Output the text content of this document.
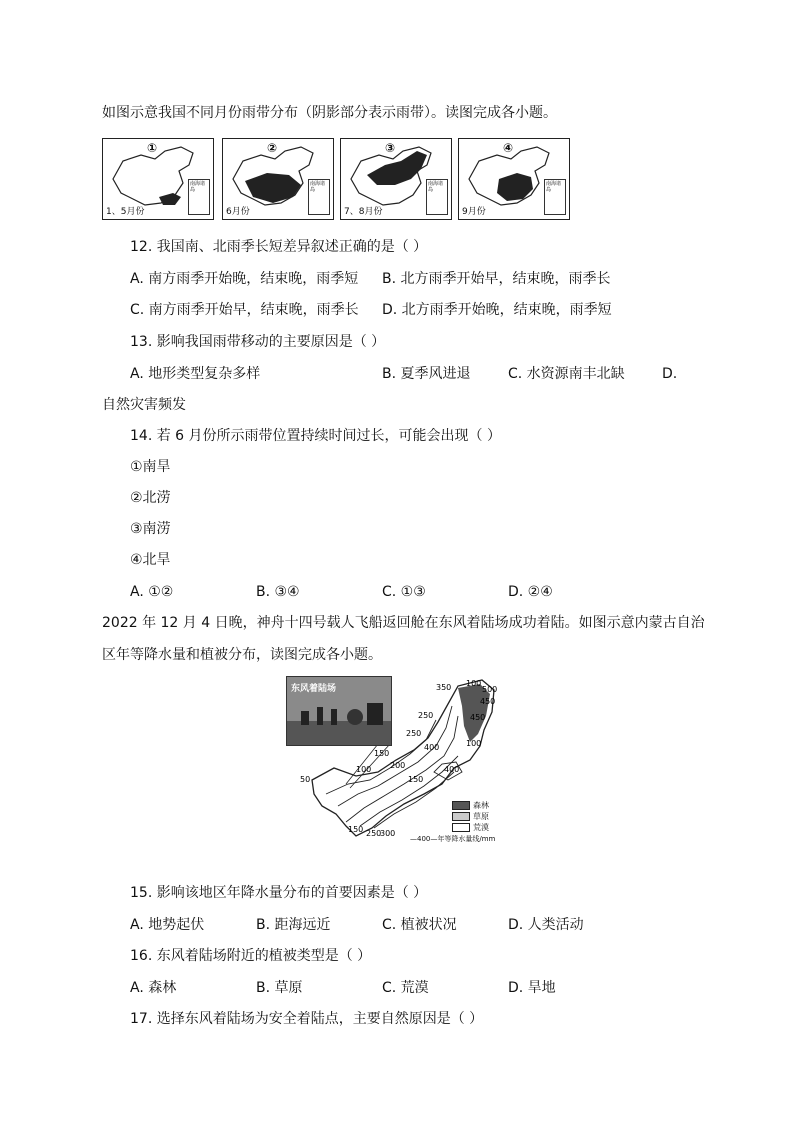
如图示意我国不同月份雨带分布（阴影部分表示雨带）。读图完成各小题。
①
南海诸岛
1、5月份
②
南海诸岛
6月份
③
南海诸岛
7、8月份
④
南海诸岛
9月份
12. 我国南、北雨季长短差异叙述正确的是（ ）
A. 南方雨季开始晚，结束晚，雨季短 B. 北方雨季开始早，结束晚，雨季长
C. 南方雨季开始早，结束晚，雨季长 D. 北方雨季开始晚，结束晚，雨季短
13. 影响我国雨带移动的主要原因是（ ）
A. 地形类型复杂多样	B. 夏季风进退	C. 水资源南丰北缺	D.
自然灾害频发
14. 若 6 月份所示雨带位置持续时间过长，可能会出现（ ）
①南旱
②北涝
③南涝
④北旱
A. ①②	B. ③④	C. ①③	D. ②④
2022 年 12 月 4 日晚，神舟十四号载人飞船返回舱在东风着陆场成功着陆。如图示意内蒙古自治
区年等降水量和植被分布，读图完成各小题。
350 100
250
450
500
250
400
400
150
200
100
150
50
100
150 250
300
450
东风着陆场
森林
草原
荒漠
—400—年等降水量线/mm
15. 影响该地区年降水量分布的首要因素是（ ）
A. 地势起伏	B. 距海远近	C. 植被状况	D. 人类活动
16. 东风着陆场附近的植被类型是（ ）
A. 森林	B. 草原	C. 荒漠	D. 旱地
17. 选择东风着陆场为安全着陆点，主要自然原因是（ ）
